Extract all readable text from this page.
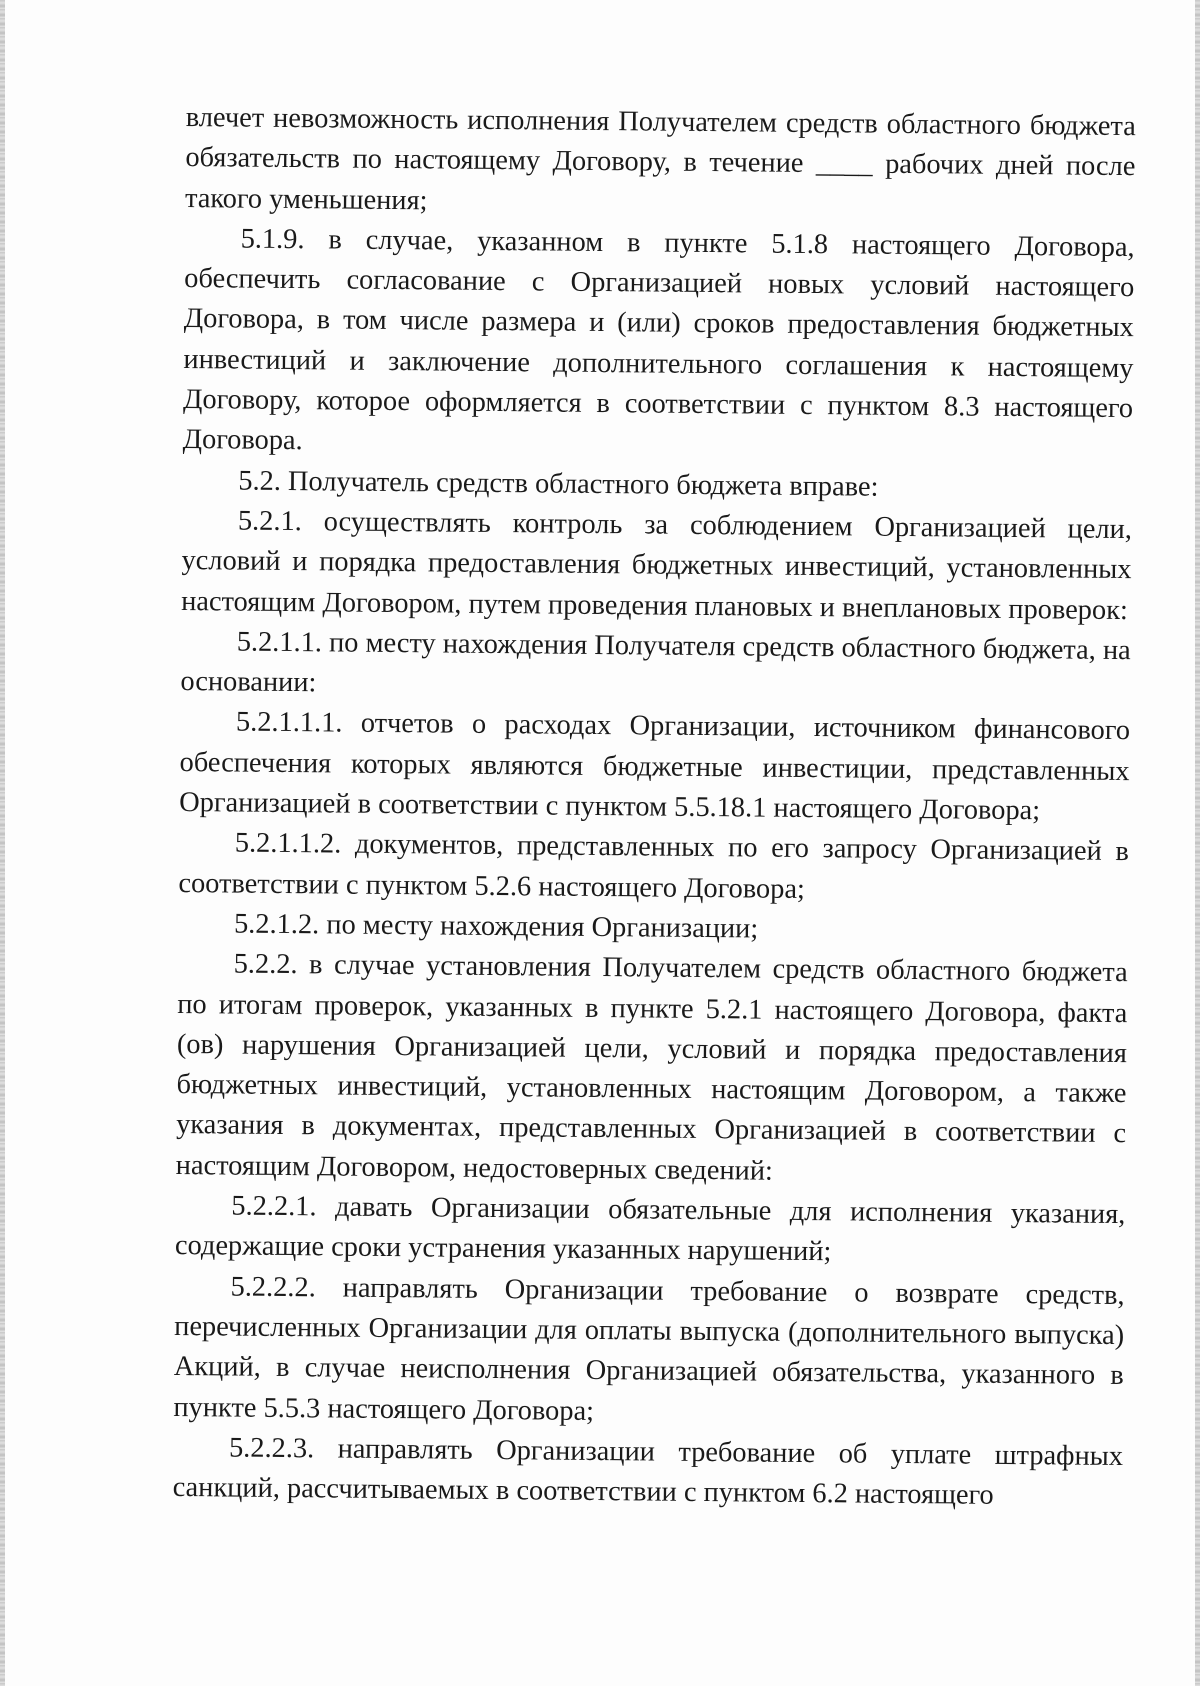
влечет невозможность исполнения Получателем средств областного бюджета обязательств по настоящему Договору, в течение ____ рабочих дней после такого уменьшения;

5.1.9. в случае, указанном в пункте 5.1.8 настоящего Договора, обеспечить согласование с Организацией новых условий настоящего Договора, в том числе размера и (или) сроков предоставления бюджетных инвестиций и заключение дополнительного соглашения к настоящему Договору, которое оформляется в соответствии с пунктом 8.3 настоящего Договора.

5.2. Получатель средств областного бюджета вправе:

5.2.1. осуществлять контроль за соблюдением Организацией цели, условий и порядка предоставления бюджетных инвестиций, установленных настоящим Договором, путем проведения плановых и внеплановых проверок:

5.2.1.1. по месту нахождения Получателя средств областного бюджета, на основании:

5.2.1.1.1. отчетов о расходах Организации, источником финансового обеспечения которых являются бюджетные инвестиции, представленных Организацией в соответствии с пунктом 5.5.18.1 настоящего Договора;

5.2.1.1.2. документов, представленных по его запросу Организацией в соответствии с пунктом 5.2.6 настоящего Договора;

5.2.1.2. по месту нахождения Организации;

5.2.2. в случае установления Получателем средств областного бюджета по итогам проверок, указанных в пункте 5.2.1 настоящего Договора, факта (ов) нарушения Организацией цели, условий и порядка предоставления бюджетных инвестиций, установленных настоящим Договором, а также указания в документах, представленных Организацией в соответствии с настоящим Договором, недостоверных сведений:

5.2.2.1. давать Организации обязательные для исполнения указания, содержащие сроки устранения указанных нарушений;

5.2.2.2. направлять Организации требование о возврате средств, перечисленных Организации для оплаты выпуска (дополнительного выпуска) Акций, в случае неисполнения Организацией обязательства, указанного в пункте 5.5.3 настоящего Договора;

5.2.2.3. направлять Организации требование об уплате штрафных санкций, рассчитываемых в соответствии с пунктом 6.2 настоящего
